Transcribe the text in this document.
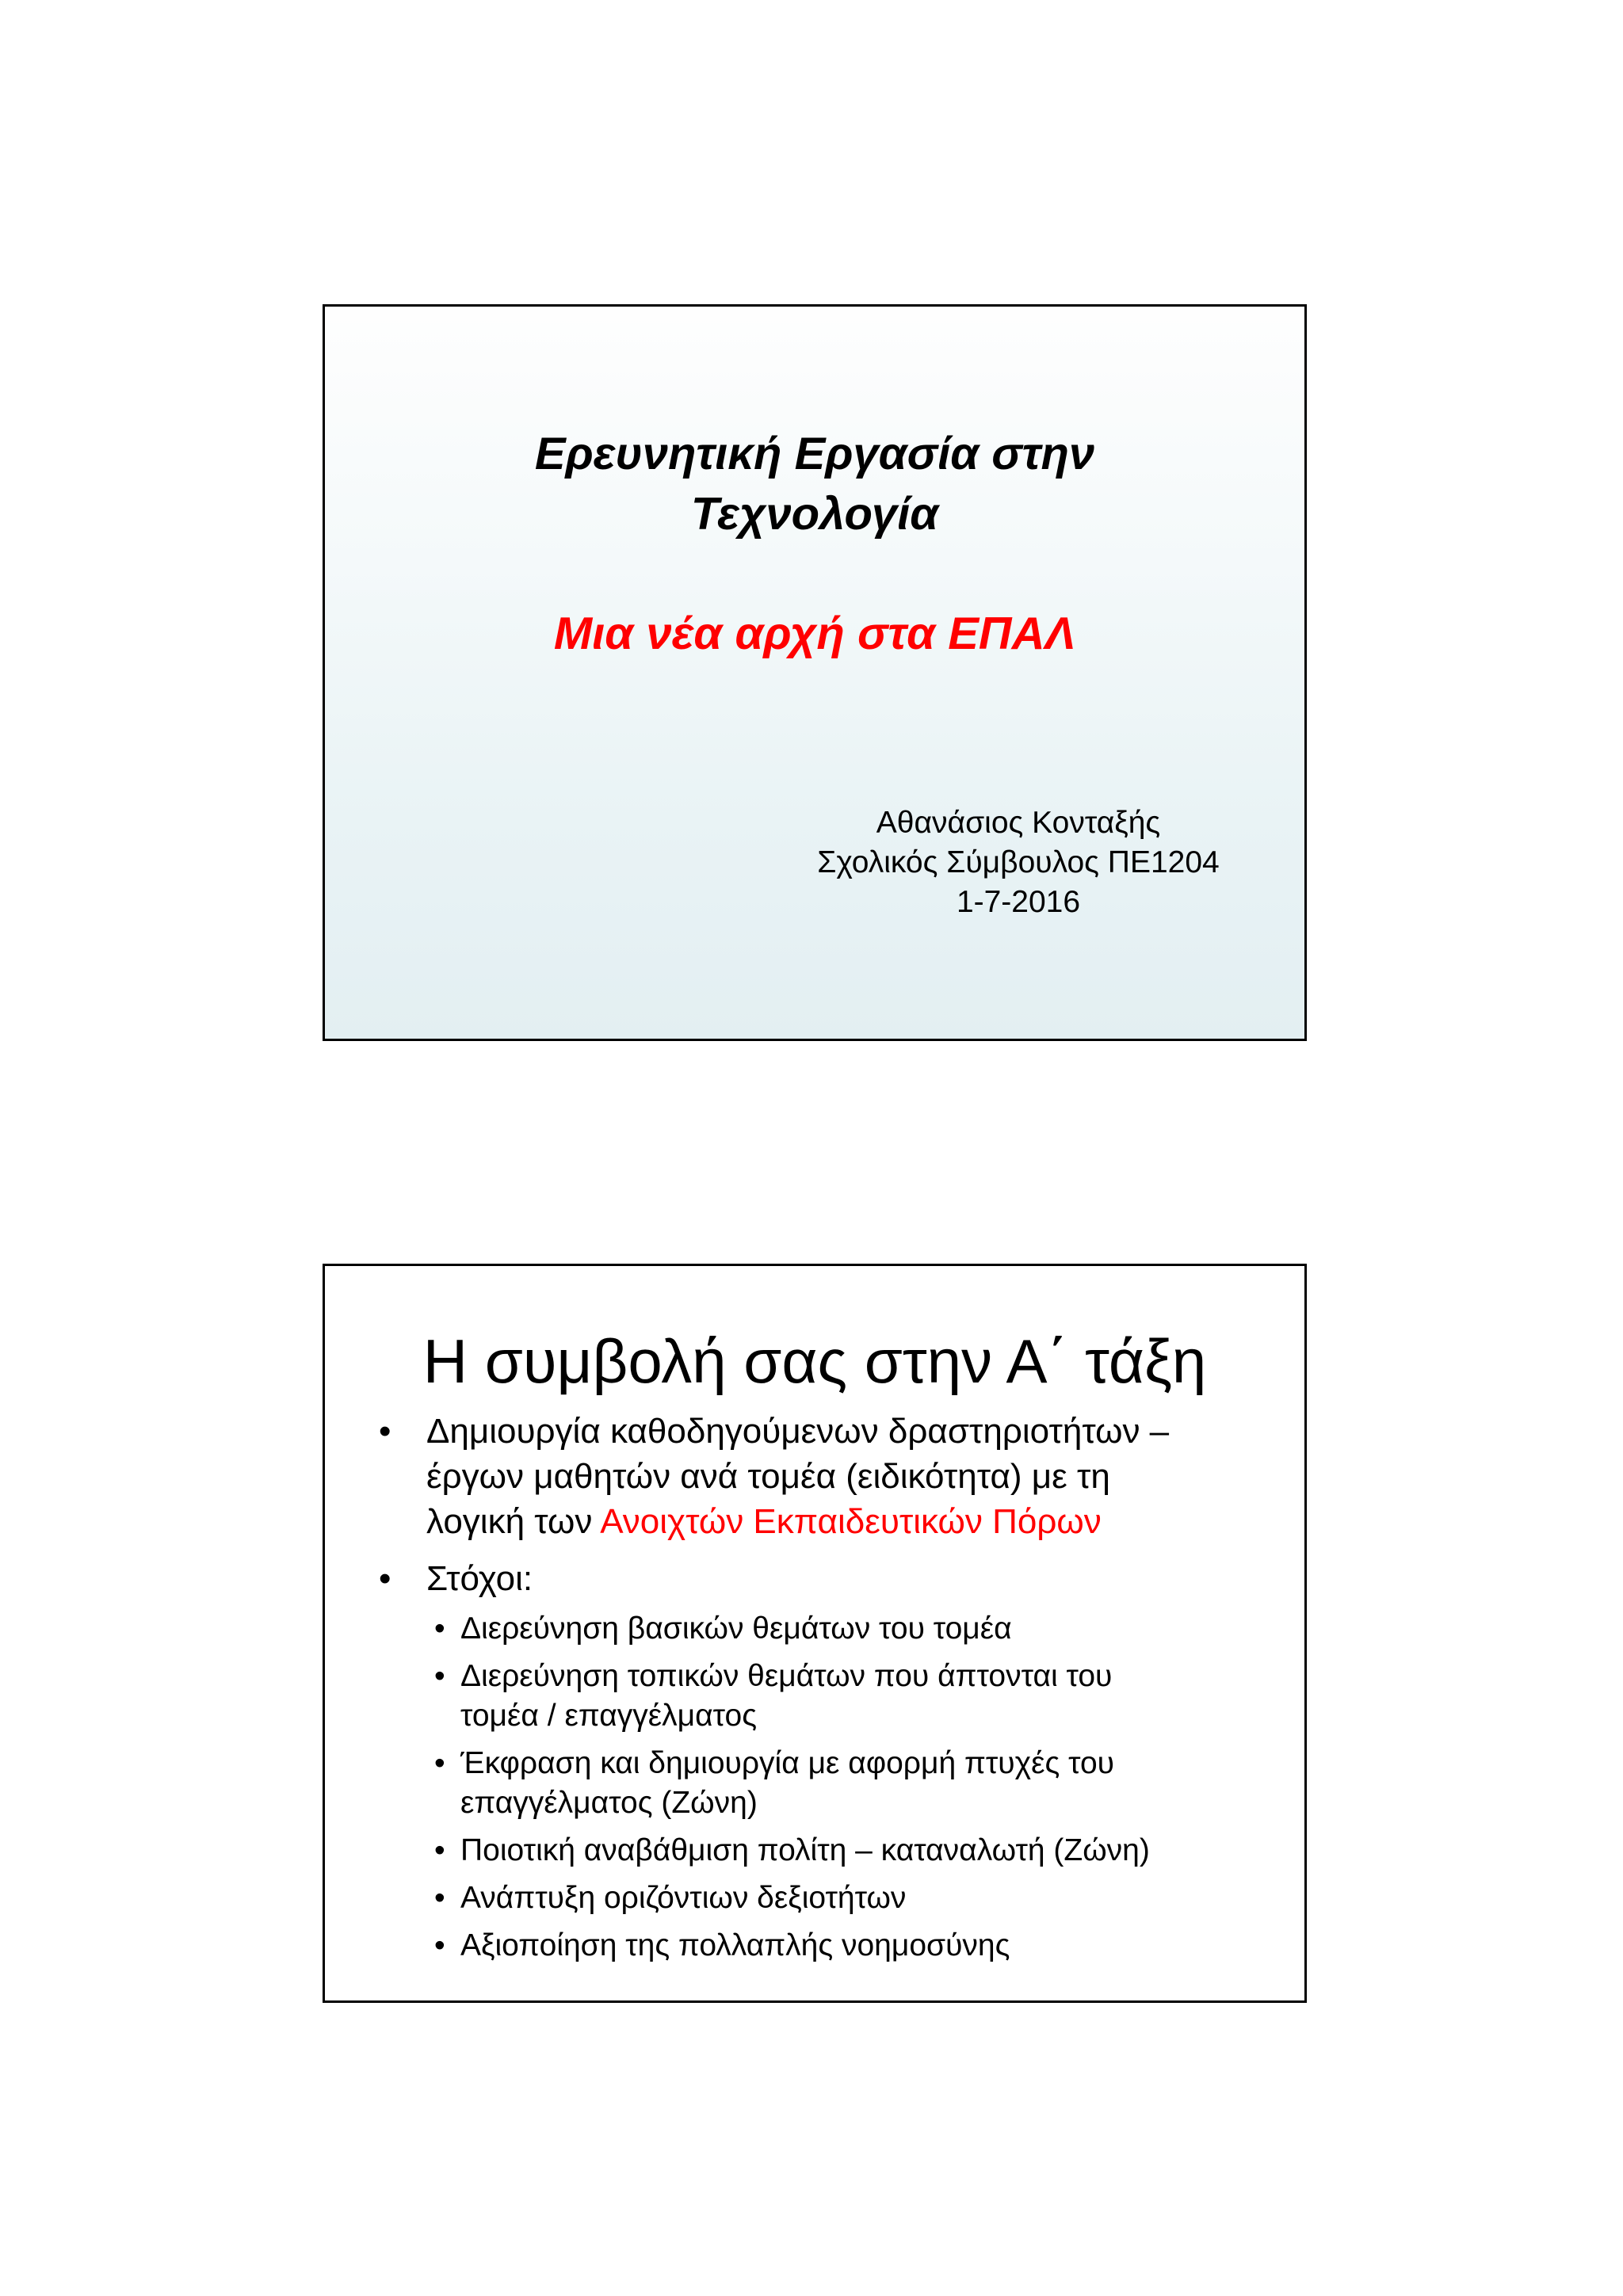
Ερευνητική Εργασία στην
Τεχνολογία
Μια νέα αρχή στα ΕΠΑΛ
Αθανάσιος Κονταξής
Σχολικός Σύμβουλος ΠΕ1204
1-7-2016
Η συμβολή σας στην Α΄ τάξη
• Δημιουργία καθοδηγούμενων δραστηριοτήτων –
έργων μαθητών ανά τομέα (ειδικότητα) με τη
λογική των Ανοιχτών Εκπαιδευτικών Πόρων
• Στόχοι:
• Διερεύνηση βασικών θεμάτων του τομέα
• Διερεύνηση τοπικών θεμάτων που άπτονται του
τομέα / επαγγέλματος
• Έκφραση και δημιουργία με αφορμή πτυχές του
επαγγέλματος (Ζώνη)
• Ποιοτική αναβάθμιση πολίτη – καταναλωτή (Ζώνη)
• Ανάπτυξη οριζόντιων δεξιοτήτων
• Αξιοποίηση της πολλαπλής νοημοσύνης
